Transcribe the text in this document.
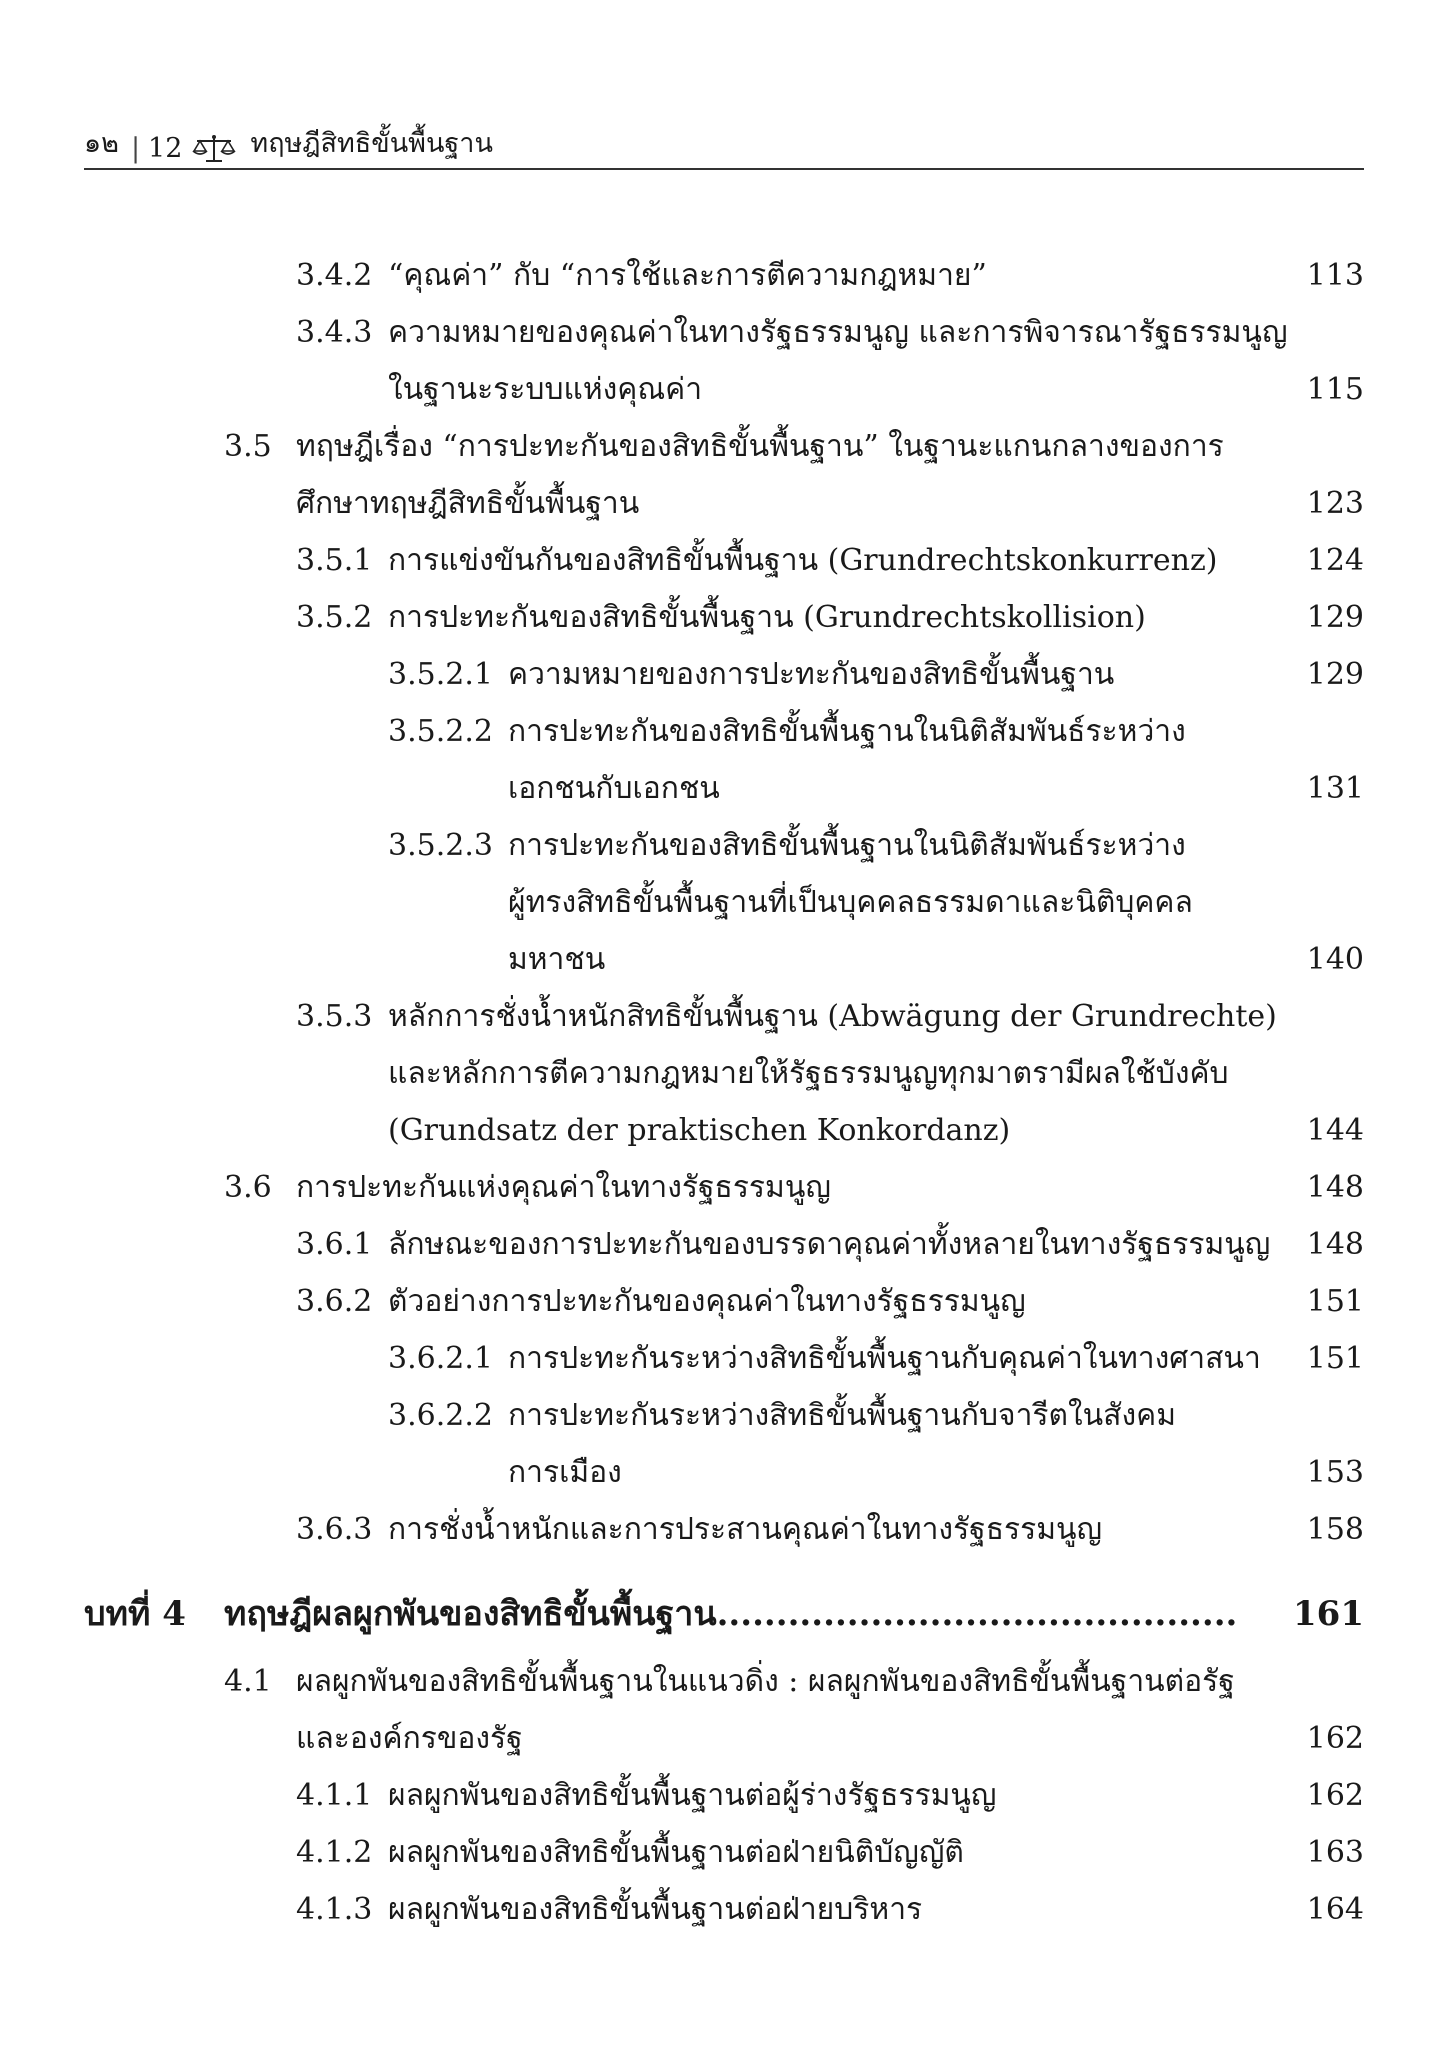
๑๒ | 12	ทฤษฎีสิทธิขั้นพื้นฐาน
3.4.2 “คุณค่า” กับ “การใช้และการตีความกฎหมาย”	113
3.4.3 ความหมายของคุณค่าในทางรัฐธรรมนูญ และการพิจารณารัฐธรรมนูญ
ในฐานะระบบแห่งคุณค่า	115
3.5 ทฤษฎีเรื่อง “การปะทะกันของสิทธิขั้นพื้นฐาน” ในฐานะแกนกลางของการ
ศึกษาทฤษฎีสิทธิขั้นพื้นฐาน	123
3.5.1 การแข่งขันกันของสิทธิขั้นพื้นฐาน (Grundrechtskonkurrenz)	124
3.5.2 การปะทะกันของสิทธิขั้นพื้นฐาน (Grundrechtskollision)	129
3.5.2.1 ความหมายของการปะทะกันของสิทธิขั้นพื้นฐาน	129
3.5.2.2 การปะทะกันของสิทธิขั้นพื้นฐานในนิติสัมพันธ์ระหว่าง
เอกชนกับเอกชน	131
3.5.2.3 การปะทะกันของสิทธิขั้นพื้นฐานในนิติสัมพันธ์ระหว่าง
ผู้ทรงสิทธิขั้นพื้นฐานที่เป็นบุคคลธรรมดาและนิติบุคคล
มหาชน	140
3.5.3 หลักการชั่งน้ำหนักสิทธิขั้นพื้นฐาน (Abwägung der Grundrechte)
และหลักการตีความกฎหมายให้รัฐธรรมนูญทุกมาตรามีผลใช้บังคับ
(Grundsatz der praktischen Konkordanz)	144
3.6 การปะทะกันแห่งคุณค่าในทางรัฐธรรมนูญ	148
3.6.1 ลักษณะของการปะทะกันของบรรดาคุณค่าทั้งหลายในทางรัฐธรรมนูญ 148
3.6.2 ตัวอย่างการปะทะกันของคุณค่าในทางรัฐธรรมนูญ	151
3.6.2.1 การปะทะกันระหว่างสิทธิขั้นพื้นฐานกับคุณค่าในทางศาสนา 151
3.6.2.2 การปะทะกันระหว่างสิทธิขั้นพื้นฐานกับจารีตในสังคม
การเมือง	153
3.6.3 การชั่งน้ำหนักและการประสานคุณค่าในทางรัฐธรรมนูญ	158
บทที่ 4 ทฤษฎีผลผูกพันของสิทธิขั้นพื้นฐาน............................................ 161
4.1 ผลผูกพันของสิทธิขั้นพื้นฐานในแนวดิ่ง : ผลผูกพันของสิทธิขั้นพื้นฐานต่อรัฐ
และองค์กรของรัฐ	162
4.1.1 ผลผูกพันของสิทธิขั้นพื้นฐานต่อผู้ร่างรัฐธรรมนูญ	162
4.1.2 ผลผูกพันของสิทธิขั้นพื้นฐานต่อฝ่ายนิติบัญญัติ	163
4.1.3 ผลผูกพันของสิทธิขั้นพื้นฐานต่อฝ่ายบริหาร	164
